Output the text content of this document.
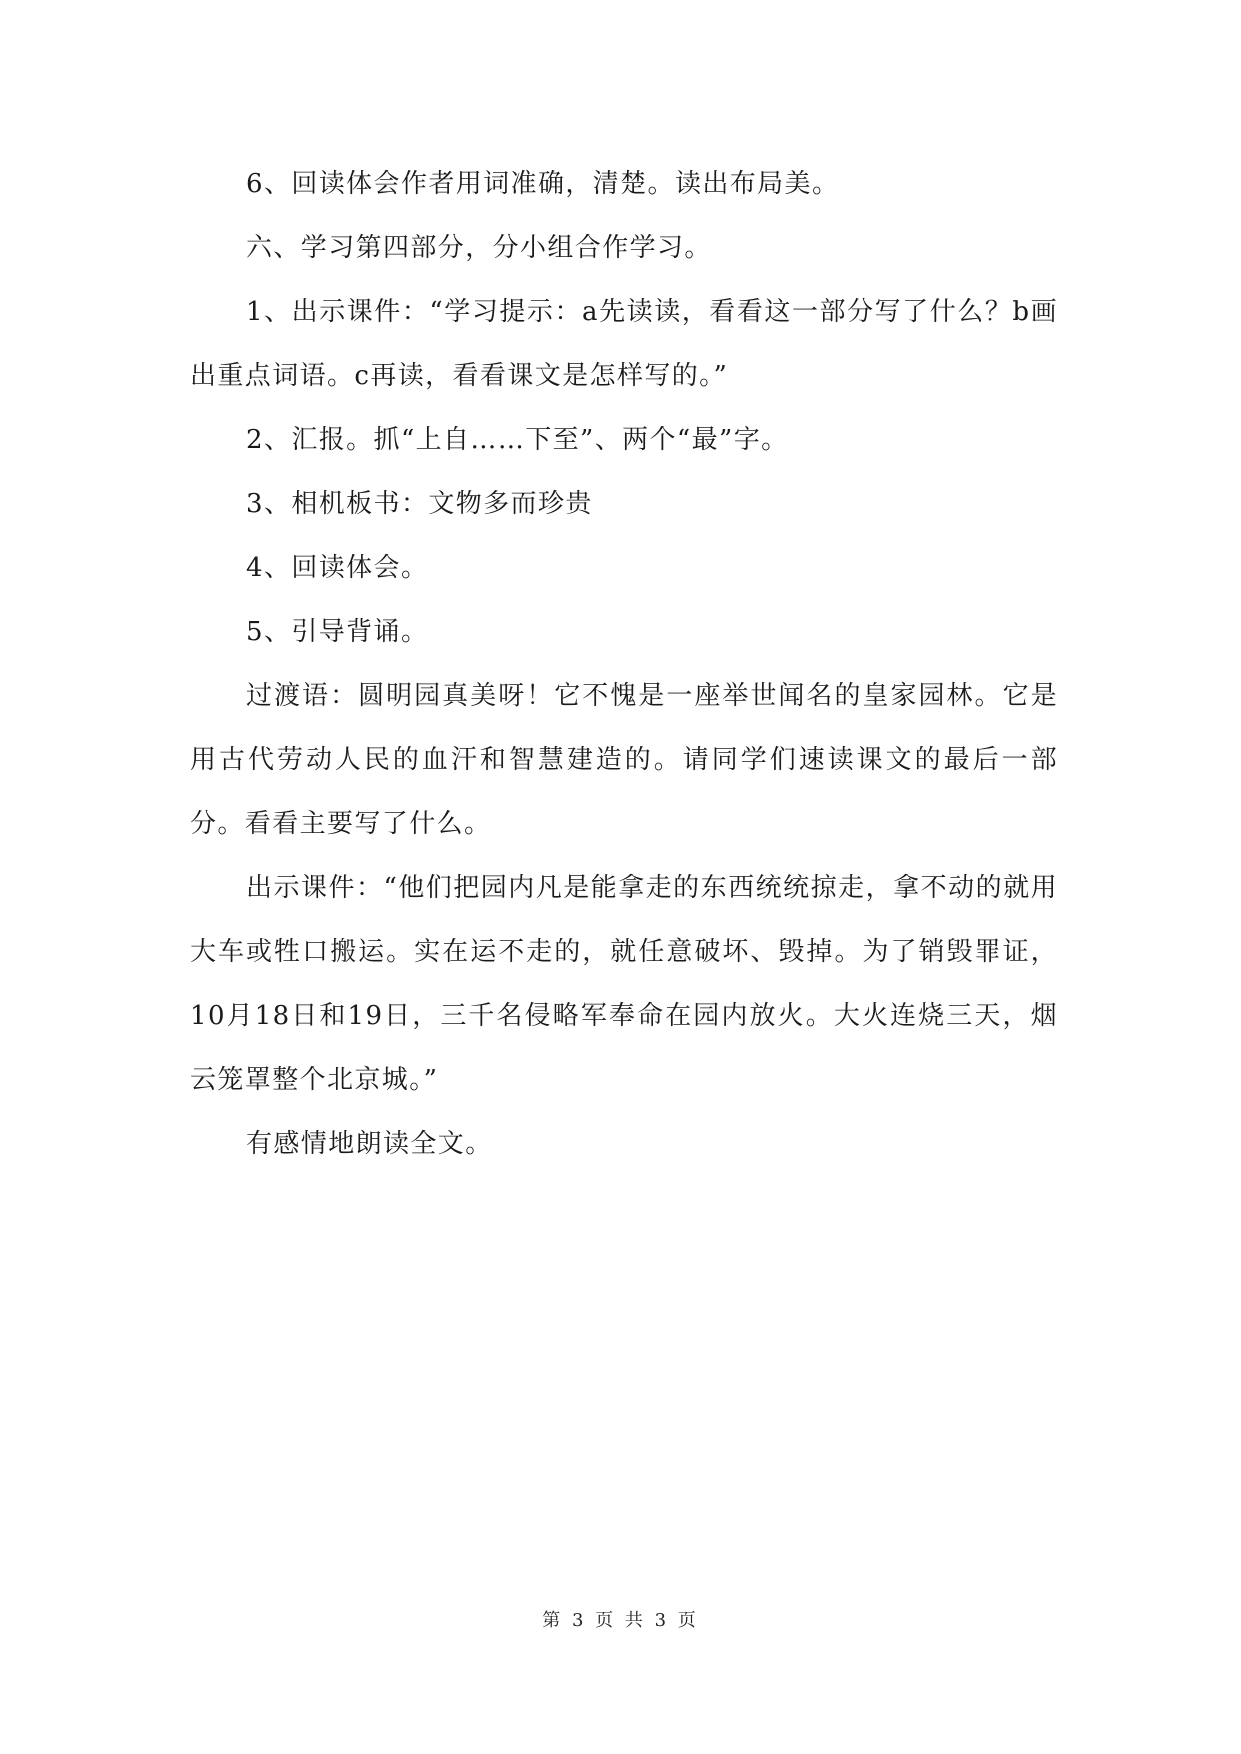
6、回读体会作者用词准确，清楚。读出布局美。

六、学习第四部分，分小组合作学习。

1、出示课件：“学习提示：a先读读，看看这一部分写了什么？b画出重点词语。c再读，看看课文是怎样写的。”

2、汇报。抓“上自……下至”、两个“最”字。

3、相机板书：文物多而珍贵

4、回读体会。

5、引导背诵。

过渡语：圆明园真美呀！它不愧是一座举世闻名的皇家园林。它是用古代劳动人民的血汗和智慧建造的。请同学们速读课文的最后一部分。看看主要写了什么。

出示课件：“他们把园内凡是能拿走的东西统统掠走，拿不动的就用大车或牲口搬运。实在运不走的，就任意破坏、毁掉。为了销毁罪证，10月18日和19日，三千名侵略军奉命在园内放火。大火连烧三天，烟云笼罩整个北京城。”

有感情地朗读全文。

第 3 页 共 3 页
